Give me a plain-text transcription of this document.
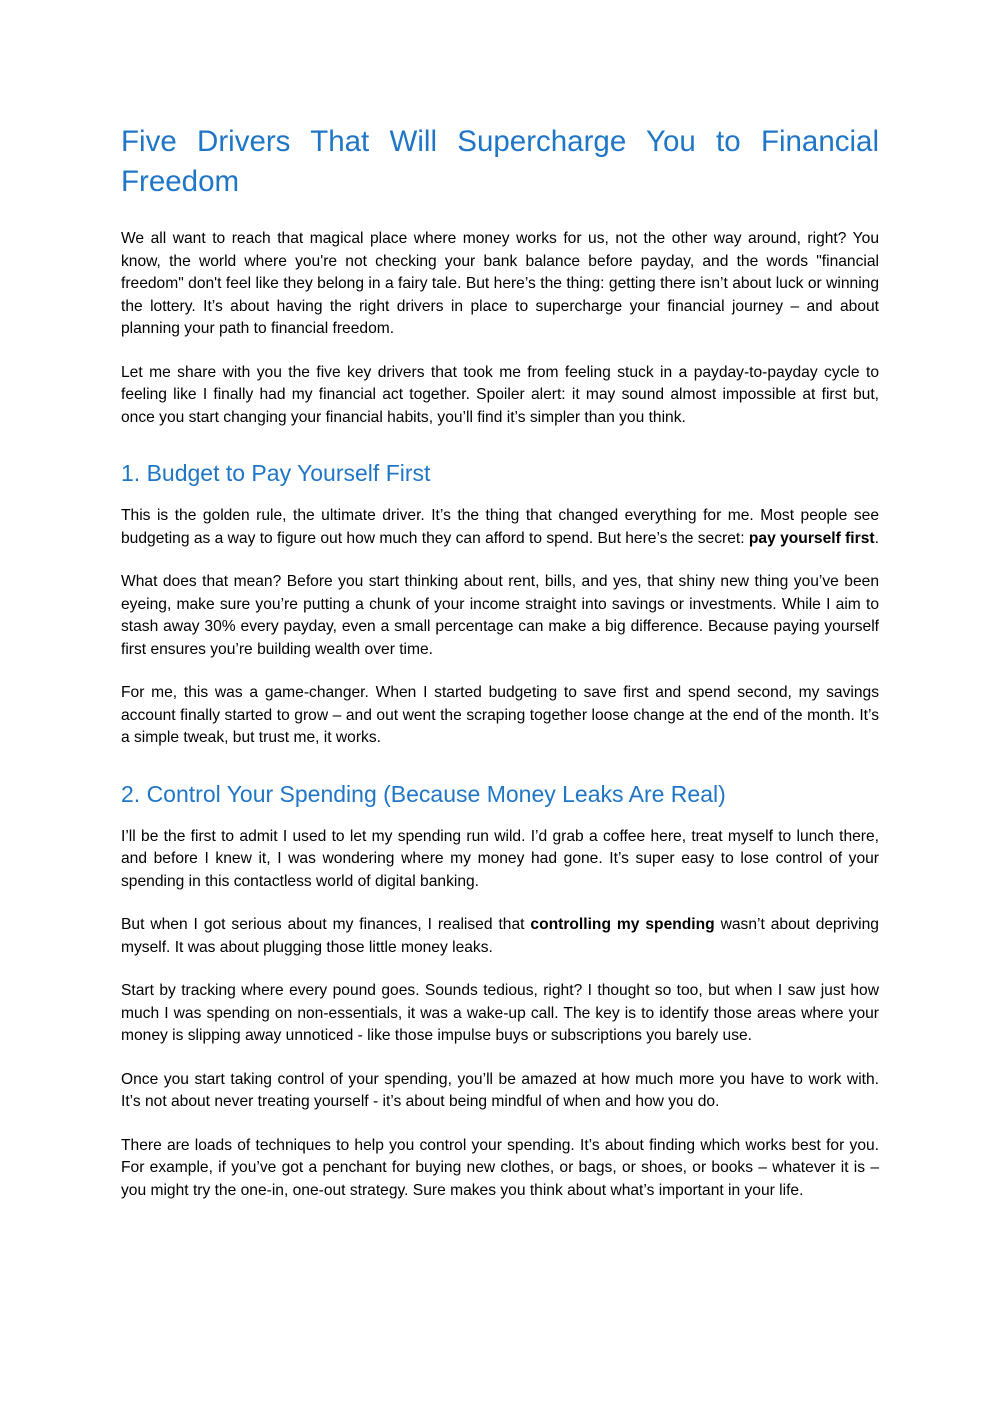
Five Drivers That Will Supercharge You to Financial
Freedom

We all want to reach that magical place where money works for us, not the other way around, right? You know, the world where you're not checking your bank balance before payday, and the words "financial freedom" don't feel like they belong in a fairy tale. But here’s the thing: getting there isn’t about luck or winning the lottery. It’s about having the right drivers in place to supercharge your financial journey – and about planning your path to financial freedom.

Let me share with you the five key drivers that took me from feeling stuck in a payday-to-payday cycle to feeling like I finally had my financial act together. Spoiler alert: it may sound almost impossible at first but, once you start changing your financial habits, you’ll find it’s simpler than you think.

1. Budget to Pay Yourself First

This is the golden rule, the ultimate driver. It’s the thing that changed everything for me. Most people see budgeting as a way to figure out how much they can afford to spend. But here’s the secret: pay yourself first.

What does that mean? Before you start thinking about rent, bills, and yes, that shiny new thing you’ve been eyeing, make sure you’re putting a chunk of your income straight into savings or investments. While I aim to stash away 30% every payday, even a small percentage can make a big difference. Because paying yourself first ensures you’re building wealth over time.

For me, this was a game-changer. When I started budgeting to save first and spend second, my savings account finally started to grow – and out went the scraping together loose change at the end of the month. It’s a simple tweak, but trust me, it works.

2. Control Your Spending (Because Money Leaks Are Real)

I’ll be the first to admit I used to let my spending run wild. I’d grab a coffee here, treat myself to lunch there, and before I knew it, I was wondering where my money had gone. It’s super easy to lose control of your spending in this contactless world of digital banking.

But when I got serious about my finances, I realised that controlling my spending wasn’t about depriving myself. It was about plugging those little money leaks.

Start by tracking where every pound goes. Sounds tedious, right? I thought so too, but when I saw just how much I was spending on non-essentials, it was a wake-up call. The key is to identify those areas where your money is slipping away unnoticed - like those impulse buys or subscriptions you barely use.

Once you start taking control of your spending, you’ll be amazed at how much more you have to work with. It’s not about never treating yourself - it’s about being mindful of when and how you do.

There are loads of techniques to help you control your spending. It’s about finding which works best for you. For example, if you’ve got a penchant for buying new clothes, or bags, or shoes, or books – whatever it is – you might try the one-in, one-out strategy. Sure makes you think about what’s important in your life.
